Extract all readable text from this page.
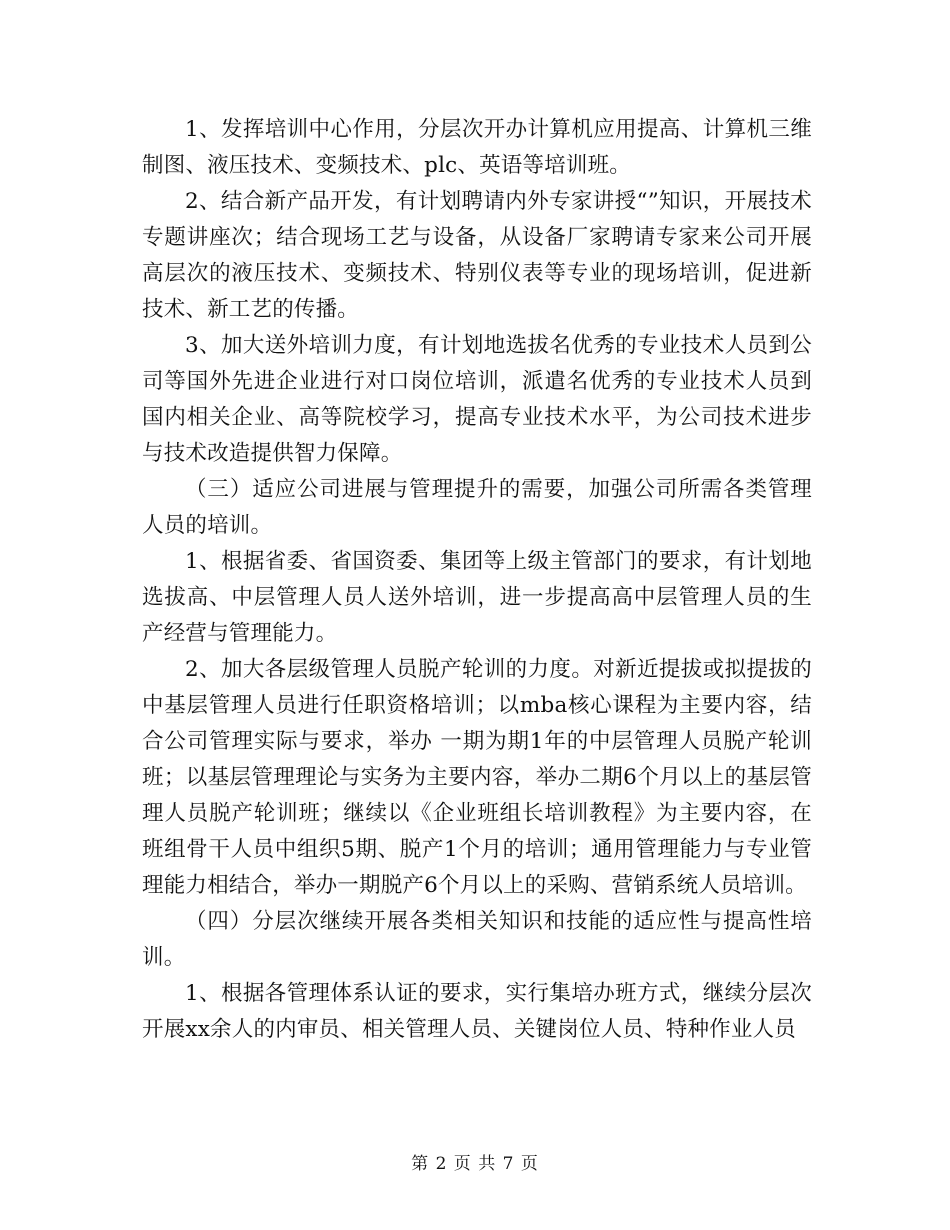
1、发挥培训中心作用，分层次开办计算机应用提高、计算机三维制图、液压技术、变频技术、plc、英语等培训班。

2、结合新产品开发，有计划聘请内外专家讲授“”知识，开展技术专题讲座次；结合现场工艺与设备，从设备厂家聘请专家来公司开展高层次的液压技术、变频技术、特别仪表等专业的现场培训，促进新技术、新工艺的传播。

3、加大送外培训力度，有计划地选拔名优秀的专业技术人员到公司等国外先进企业进行对口岗位培训，派遣名优秀的专业技术人员到国内相关企业、高等院校学习，提高专业技术水平，为公司技术进步与技术改造提供智力保障。

（三）适应公司进展与管理提升的需要，加强公司所需各类管理人员的培训。

1、根据省委、省国资委、集团等上级主管部门的要求，有计划地选拔高、中层管理人员人送外培训，进一步提高高中层管理人员的生产经营与管理能力。

2、加大各层级管理人员脱产轮训的力度。对新近提拔或拟提拔的中基层管理人员进行任职资格培训；以mba核心课程为主要内容，结合公司管理实际与要求，举办 一期为期1年的中层管理人员脱产轮训班；以基层管理理论与实务为主要内容，举办二期6个月以上的基层管理人员脱产轮训班；继续以《企业班组长培训教程》为主要内容，在班组骨干人员中组织5期、脱产1个月的培训；通用管理能力与专业管理能力相结合，举办一期脱产6个月以上的采购、营销系统人员培训。

（四）分层次继续开展各类相关知识和技能的适应性与提高性培训。

1、根据各管理体系认证的要求，实行集培办班方式，继续分层次开展xx余人的内审员、相关管理人员、关键岗位人员、特种作业人员

第 2 页 共 7 页
